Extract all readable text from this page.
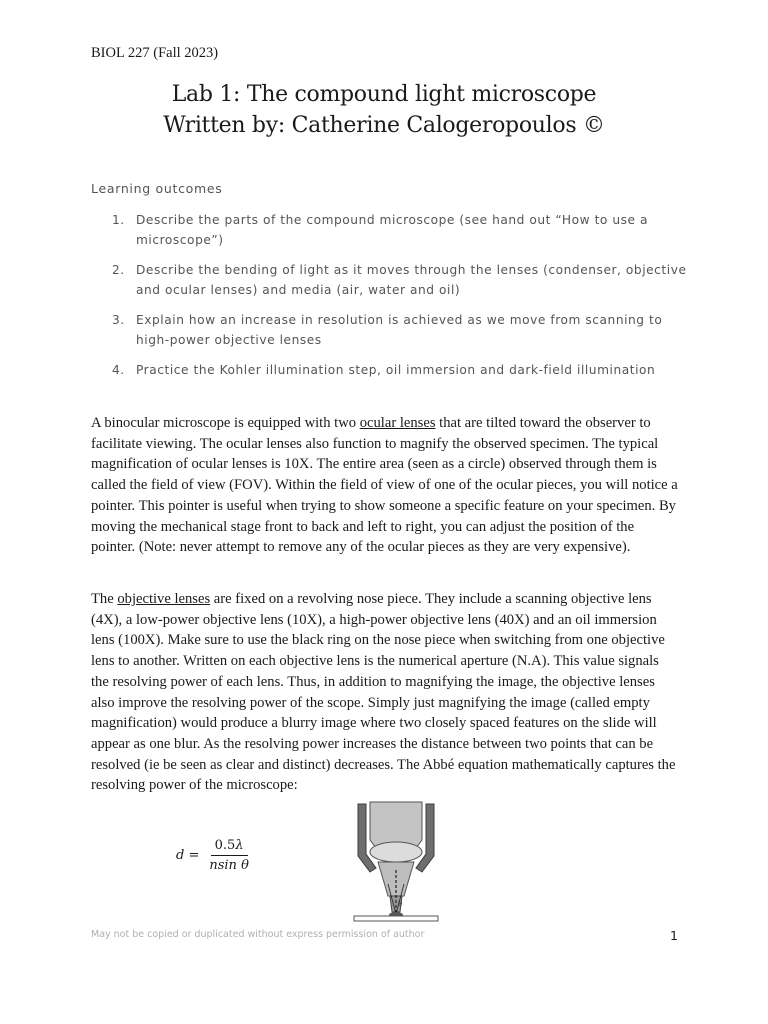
BIOL 227 (Fall 2023)
Lab 1: The compound light microscope
Written by: Catherine Calogeropoulos ©
Learning outcomes
1. Describe the parts of the compound microscope (see hand out “How to use a microscope”)
2. Describe the bending of light as it moves through the lenses (condenser, objective and ocular lenses) and media (air, water and oil)
3. Explain how an increase in resolution is achieved as we move from scanning to high-power objective lenses
4. Practice the Kohler illumination step, oil immersion and dark-field illumination

A binocular microscope is equipped with two ocular lenses that are tilted toward the observer to facilitate viewing. The ocular lenses also function to magnify the observed specimen. The typical magnification of ocular lenses is 10X. The entire area (seen as a circle) observed through them is called the field of view (FOV). Within the field of view of one of the ocular pieces, you will notice a pointer. This pointer is useful when trying to show someone a specific feature on your specimen. By moving the mechanical stage front to back and left to right, you can adjust the position of the pointer. (Note: never attempt to remove any of the ocular pieces as they are very expensive).

The objective lenses are fixed on a revolving nose piece. They include a scanning objective lens (4X), a low-power objective lens (10X), a high-power objective lens (40X) and an oil immersion lens (100X). Make sure to use the black ring on the nose piece when switching from one objective lens to another. Written on each objective lens is the numerical aperture (N.A). This value signals the resolving power of each lens. Thus, in addition to magnifying the image, the objective lenses also improve the resolving power of the scope. Simply just magnifying the image (called empty magnification) would produce a blurry image where two closely spaced features on the slide will appear as one blur. As the resolving power increases the distance between two points that can be resolved (ie be seen as clear and distinct) decreases. The Abbé equation mathematically captures the resolving power of the microscope:

$d = \frac{0.5\lambda}{\text{nsin θ}}$
θ
May not be copied or duplicated without express permission of author	1
